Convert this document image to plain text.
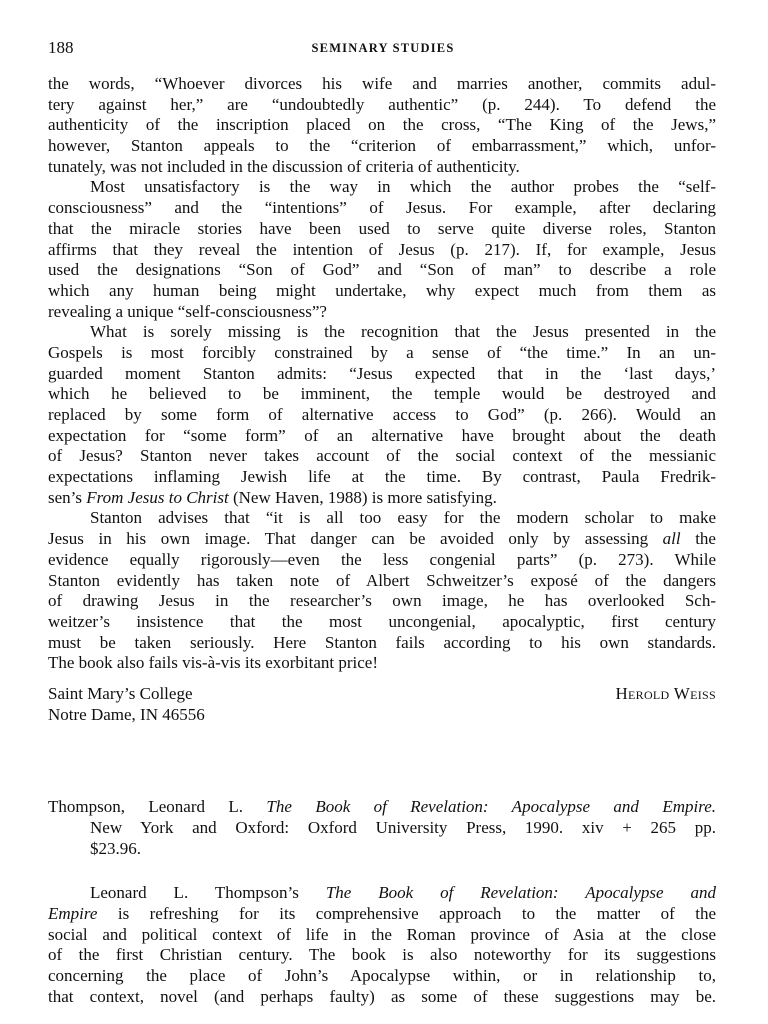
188	SEMINARY STUDIES
the words, “Whoever divorces his wife and marries another, commits adul-
tery against her,” are “undoubtedly authentic” (p. 244). To defend the
authenticity of the inscription placed on the cross, “The King of the Jews,”
however, Stanton appeals to the “criterion of embarrassment,” which, unfor-
tunately, was not included in the discussion of criteria of authenticity.
Most unsatisfactory is the way in which the author probes the “self-
consciousness” and the “intentions” of Jesus. For example, after declaring
that the miracle stories have been used to serve quite diverse roles, Stanton
affirms that they reveal the intention of Jesus (p. 217). If, for example, Jesus
used the designations “Son of God” and “Son of man” to describe a role
which any human being might undertake, why expect much from them as
revealing a unique “self-consciousness”?
What is sorely missing is the recognition that the Jesus presented in the
Gospels is most forcibly constrained by a sense of “the time.” In an un-
guarded moment Stanton admits: “Jesus expected that in the ‘last days,’
which he believed to be imminent, the temple would be destroyed and
replaced by some form of alternative access to God” (p. 266). Would an
expectation for “some form” of an alternative have brought about the death
of Jesus? Stanton never takes account of the social context of the messianic
expectations inflaming Jewish life at the time. By contrast, Paula Fredrik-
sen’s From Jesus to Christ (New Haven, 1988) is more satisfying.
Stanton advises that “it is all too easy for the modern scholar to make
Jesus in his own image. That danger can be avoided only by assessing all the
evidence equally rigorously—even the less congenial parts” (p. 273). While
Stanton evidently has taken note of Albert Schweitzer’s exposé of the dangers
of drawing Jesus in the researcher’s own image, he has overlooked Sch-
weitzer’s insistence that the most uncongenial, apocalyptic, first century
must be taken seriously. Here Stanton fails according to his own standards.
The book also fails vis-à-vis its exorbitant price!
Saint Mary’s College	Herold Weiss
Notre Dame, IN 46556
Thompson, Leonard L. The Book of Revelation: Apocalypse and Empire.
New York and Oxford: Oxford University Press, 1990. xiv + 265 pp.
$23.96.
Leonard L. Thompson’s The Book of Revelation: Apocalypse and
Empire is refreshing for its comprehensive approach to the matter of the
social and political context of life in the Roman province of Asia at the close
of the first Christian century. The book is also noteworthy for its suggestions
concerning the place of John’s Apocalypse within, or in relationship to,
that context, novel (and perhaps faulty) as some of these suggestions may be.
